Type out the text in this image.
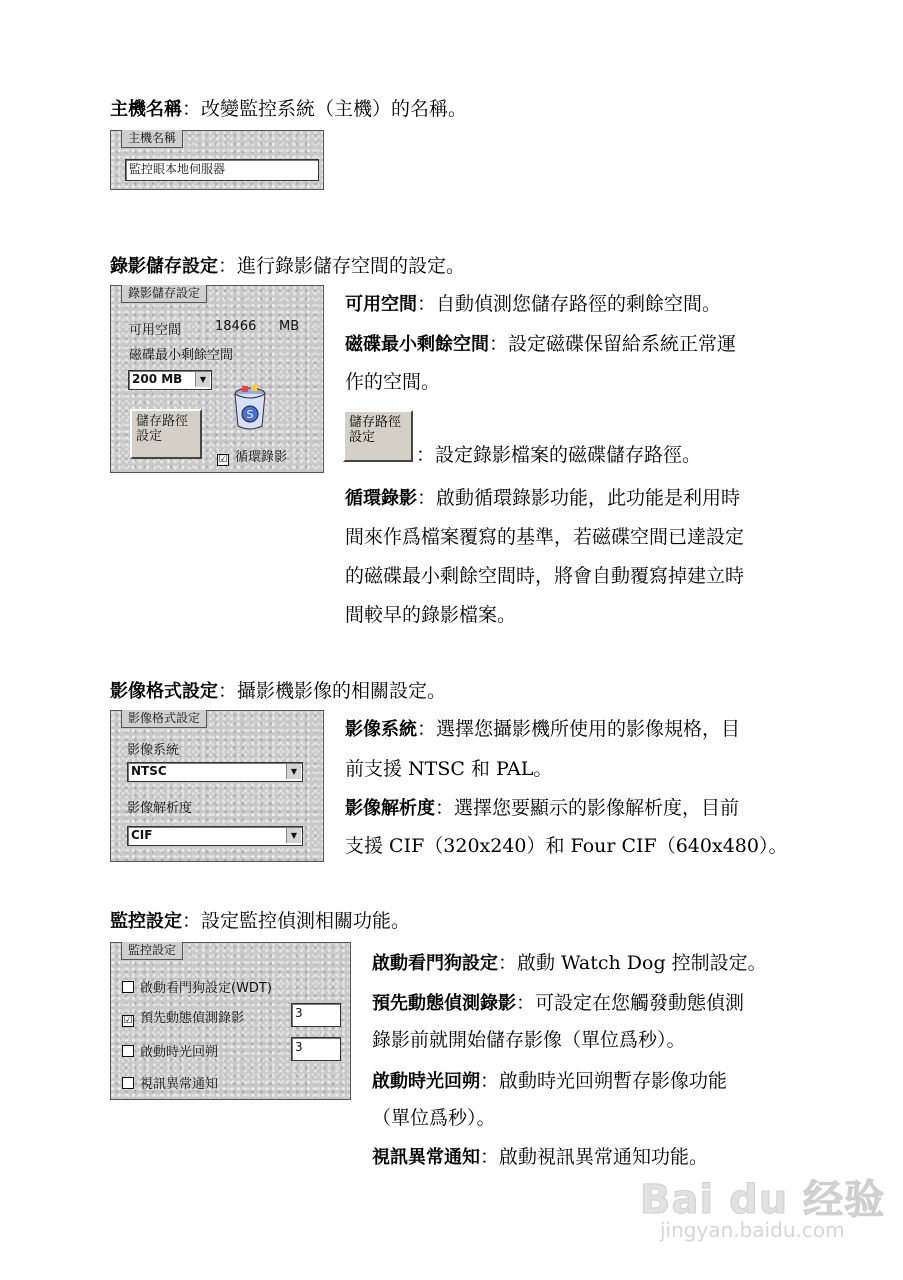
主機名稱：改變監控系統（主機）的名稱。
主機名稱
監控眼本地伺服器
錄影儲存設定：進行錄影儲存空間的設定。
錄影儲存設定
可用空間	18466 MB
磁碟最小剩餘空間
200 MB	▼
S
儲存路徑
設定
☑ 循環錄影
可用空間：自動偵測您儲存路徑的剩餘空間。
磁碟最小剩餘空間：設定磁碟保留給系統正常運
作的空間。
儲存路徑
設定
：設定錄影檔案的磁碟儲存路徑。
循環錄影：啟動循環錄影功能，此功能是利用時
間來作爲檔案覆寫的基準，若磁碟空間已達設定
的磁碟最小剩餘空間時，將會自動覆寫掉建立時
間較早的錄影檔案。
影像格式設定：攝影機影像的相關設定。
影像格式設定
影像系統
NTSC	▼
影像解析度
CIF	▼
影像系統：選擇您攝影機所使用的影像規格，目
前支援 NTSC 和 PAL。
影像解析度：選擇您要顯示的影像解析度，目前
支援 CIF（320x240）和 Four CIF（640x480）。
監控設定：設定監控偵測相關功能。
監控設定
啟動看門狗設定(WDT)
☑ 預先動態偵測錄影	3
啟動時光回朔	3
視訊異常通知
啟動看門狗設定：啟動 Watch Dog 控制設定。
預先動態偵測錄影：可設定在您觸發動態偵測
錄影前就開始儲存影像（單位爲秒）。
啟動時光回朔：啟動時光回朔暫存影像功能
（單位爲秒）。
視訊異常通知：啟動視訊異常通知功能。
Bai du 经验
jingyan.baidu.com
